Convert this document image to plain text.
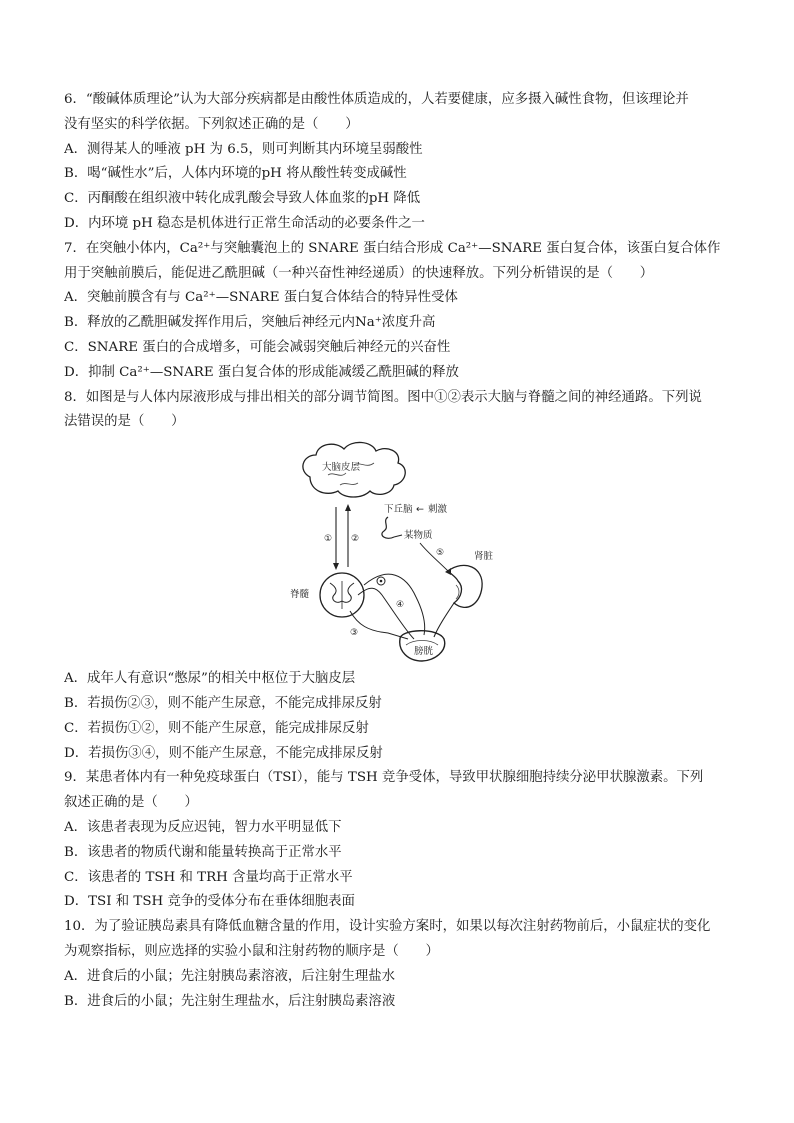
6．“酸碱体质理论”认为大部分疾病都是由酸性体质造成的，人若要健康，应多摄入碱性食物，但该理论并
没有坚实的科学依据。下列叙述正确的是（　　）
A．测得某人的唾液 pH 为 6.5，则可判断其内环境呈弱酸性
B．喝“碱性水”后，人体内环境的pH 将从酸性转变成碱性
C．丙酮酸在组织液中转化成乳酸会导致人体血浆的pH 降低
D．内环境 pH 稳态是机体进行正常生命活动的必要条件之一
7．在突触小体内，Ca²⁺与突触囊泡上的 SNARE 蛋白结合形成 Ca²⁺—SNARE 蛋白复合体，该蛋白复合体作
用于突触前膜后，能促进乙酰胆碱（一种兴奋性神经递质）的快速释放。下列分析错误的是（　　）
A．突触前膜含有与 Ca²⁺—SNARE 蛋白复合体结合的特异性受体
B．释放的乙酰胆碱发挥作用后，突触后神经元内Na⁺浓度升高
C．SNARE 蛋白的合成增多，可能会减弱突触后神经元的兴奋性
D．抑制 Ca²⁺—SNARE 蛋白复合体的形成能减缓乙酰胆碱的释放
8．如图是与人体内尿液形成与排出相关的部分调节简图。图中①②表示大脑与脊髓之间的神经通路。下列说
法错误的是（　　）
大脑皮层
下丘脑 ← 刺激
某物质
① ②
⑤
脊髓
④
③
肾脏
膀胱
A．成年人有意识“憋尿”的相关中枢位于大脑皮层
B．若损伤②③，则不能产生尿意，不能完成排尿反射
C．若损伤①②，则不能产生尿意，能完成排尿反射
D．若损伤③④，则不能产生尿意，不能完成排尿反射
9．某患者体内有一种免疫球蛋白（TSI），能与 TSH 竞争受体，导致甲状腺细胞持续分泌甲状腺激素。下列
叙述正确的是（　　）
A．该患者表现为反应迟钝，智力水平明显低下
B．该患者的物质代谢和能量转换高于正常水平
C．该患者的 TSH 和 TRH 含量均高于正常水平
D．TSI 和 TSH 竞争的受体分布在垂体细胞表面
10．为了验证胰岛素具有降低血糖含量的作用，设计实验方案时，如果以每次注射药物前后，小鼠症状的变化
为观察指标，则应选择的实验小鼠和注射药物的顺序是（　　）
A．进食后的小鼠；先注射胰岛素溶液，后注射生理盐水
B．进食后的小鼠；先注射生理盐水，后注射胰岛素溶液
